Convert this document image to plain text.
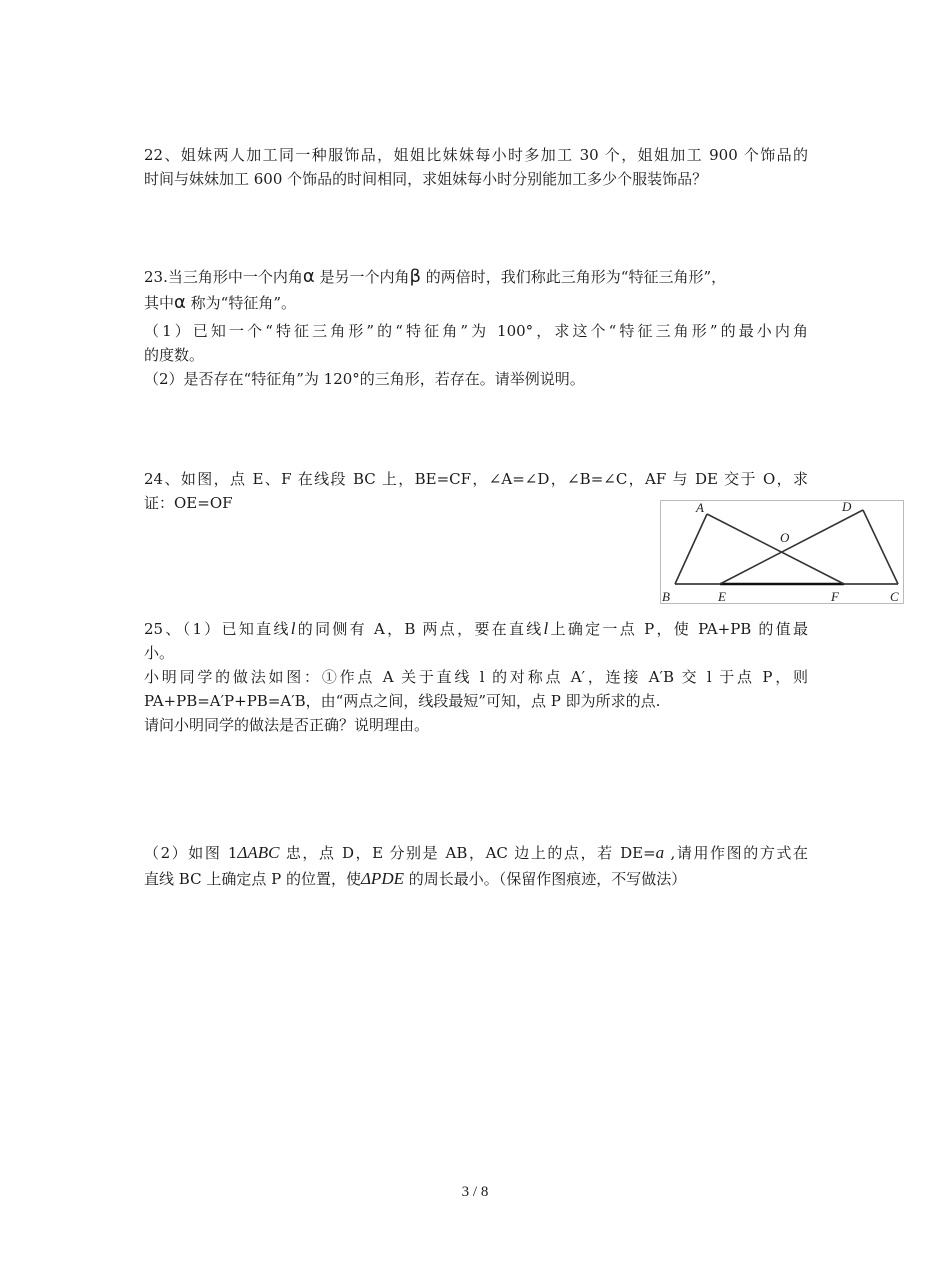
22、姐妹两人加工同一种服饰品，姐姐比妹妹每小时多加工 30 个，姐姐加工 900 个饰品的
时间与妹妹加工 600 个饰品的时间相同，求姐妹每小时分别能加工多少个服装饰品？
23.当三角形中一个内角α 是另一个内角β 的两倍时，我们称此三角形为“特征三角形”，
其中α 称为“特征角”。
（1）已知一个“特征三角形”的“特征角”为 100°，求这个“特征三角形”的最小内角
的度数。
（2）是否存在“特征角”为 120°的三角形，若存在。请举例说明。
24、如图，点 E、F 在线段 BC 上，BE=CF，∠A=∠D，∠B=∠C，AF 与 DE 交于 O，求
证：OE=OF	A	D
O
B	E	F	C
25、（1）已知直线l的同侧有 A，B 两点，要在直线l上确定一点 P，使 PA+PB 的值最
小。
小明同学的做法如图：①作点 A 关于直线 l 的对称点 A′，连接 A′B 交 l 于点 P，则
PA+PB=A′P+PB=A′B，由“两点之间，线段最短”可知，点 P 即为所求的点.
请问小明同学的做法是否正确？说明理由。
（2）如图 1ΔABC 忠，点 D，E 分别是 AB，AC 边上的点，若 DE=a ,请用作图的方式在
直线 BC 上确定点 P 的位置，使ΔPDE 的周长最小。（保留作图痕迹，不写做法）
3 / 8
